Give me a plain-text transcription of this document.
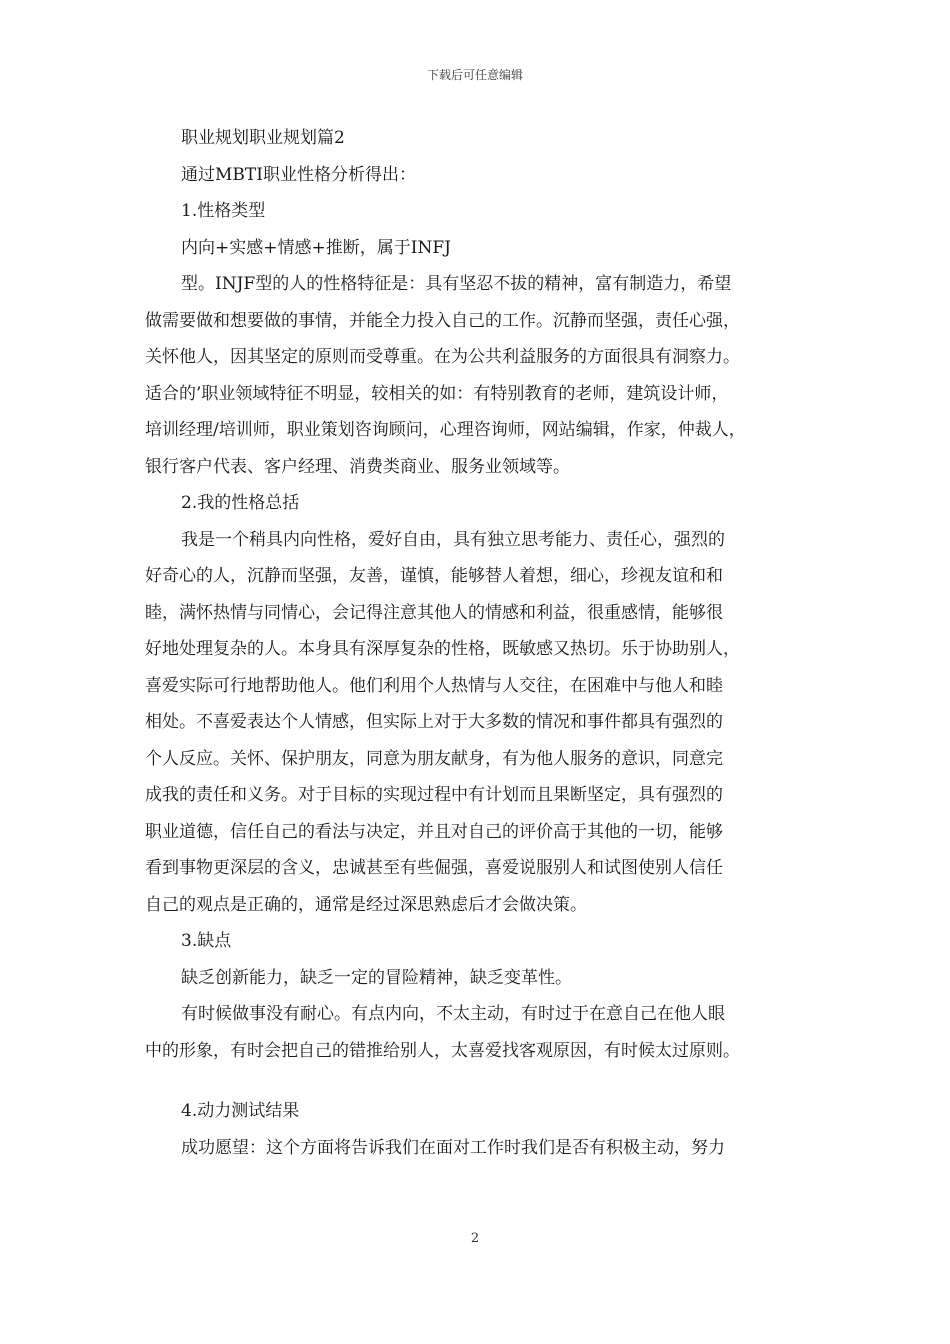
下载后可任意编辑
职业规划职业规划篇2
通过MBTI职业性格分析得出：
1.性格类型
内向+实感+情感+推断，属于INFJ
型。INJF型的人的性格特征是：具有坚忍不拔的精神，富有制造力，希望
做需要做和想要做的事情，并能全力投入自己的工作。沉静而坚强，责任心强，
关怀他人，因其坚定的原则而受尊重。在为公共利益服务的方面很具有洞察力。
适合的’职业领域特征不明显，较相关的如：有特别教育的老师，建筑设计师，
培训经理/培训师，职业策划咨询顾问，心理咨询师，网站编辑，作家，仲裁人，
银行客户代表、客户经理、消费类商业、服务业领域等。
2.我的性格总括
我是一个稍具内向性格，爱好自由，具有独立思考能力、责任心，强烈的
好奇心的人，沉静而坚强，友善，谨慎，能够替人着想，细心，珍视友谊和和
睦，满怀热情与同情心，会记得注意其他人的情感和利益，很重感情，能够很
好地处理复杂的人。本身具有深厚复杂的性格，既敏感又热切。乐于协助别人，
喜爱实际可行地帮助他人。他们利用个人热情与人交往，在困难中与他人和睦
相处。不喜爱表达个人情感，但实际上对于大多数的情况和事件都具有强烈的
个人反应。关怀、保护朋友，同意为朋友献身，有为他人服务的意识，同意完
成我的责任和义务。对于目标的实现过程中有计划而且果断坚定，具有强烈的
职业道德，信任自己的看法与决定，并且对自己的评价高于其他的一切，能够
看到事物更深层的含义，忠诚甚至有些倔强，喜爱说服别人和试图使别人信任
自己的观点是正确的，通常是经过深思熟虑后才会做决策。
3.缺点
缺乏创新能力，缺乏一定的冒险精神，缺乏变革性。
有时候做事没有耐心。有点内向，不太主动，有时过于在意自己在他人眼
中的形象，有时会把自己的错推给别人，太喜爱找客观原因，有时候太过原则。
4.动力测试结果
成功愿望：这个方面将告诉我们在面对工作时我们是否有积极主动，努力
2
